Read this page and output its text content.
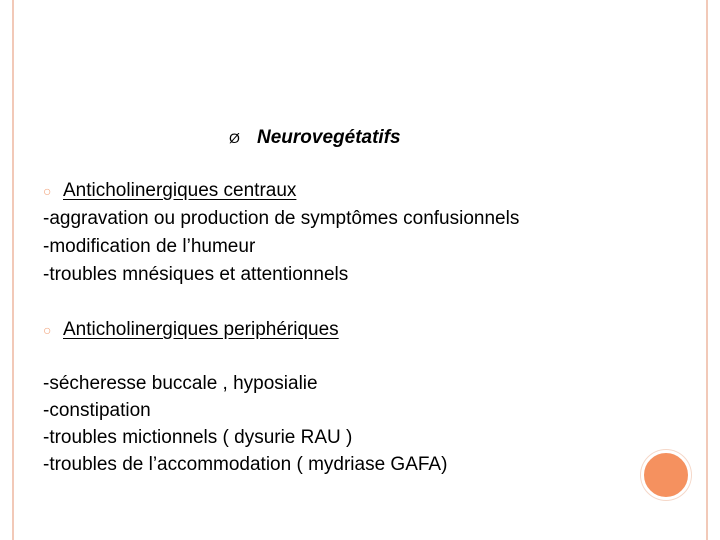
Ø Neurovegétatifs
○ Anticholinergiques centraux
-aggravation ou production de symptômes confusionnels
-modification de l’humeur
-troubles mnésiques et attentionnels
○ Anticholinergiques periphériques
-sécheresse buccale , hyposialie
-constipation
-troubles mictionnels ( dysurie RAU )
-troubles de l’accommodation ( mydriase GAFA)
